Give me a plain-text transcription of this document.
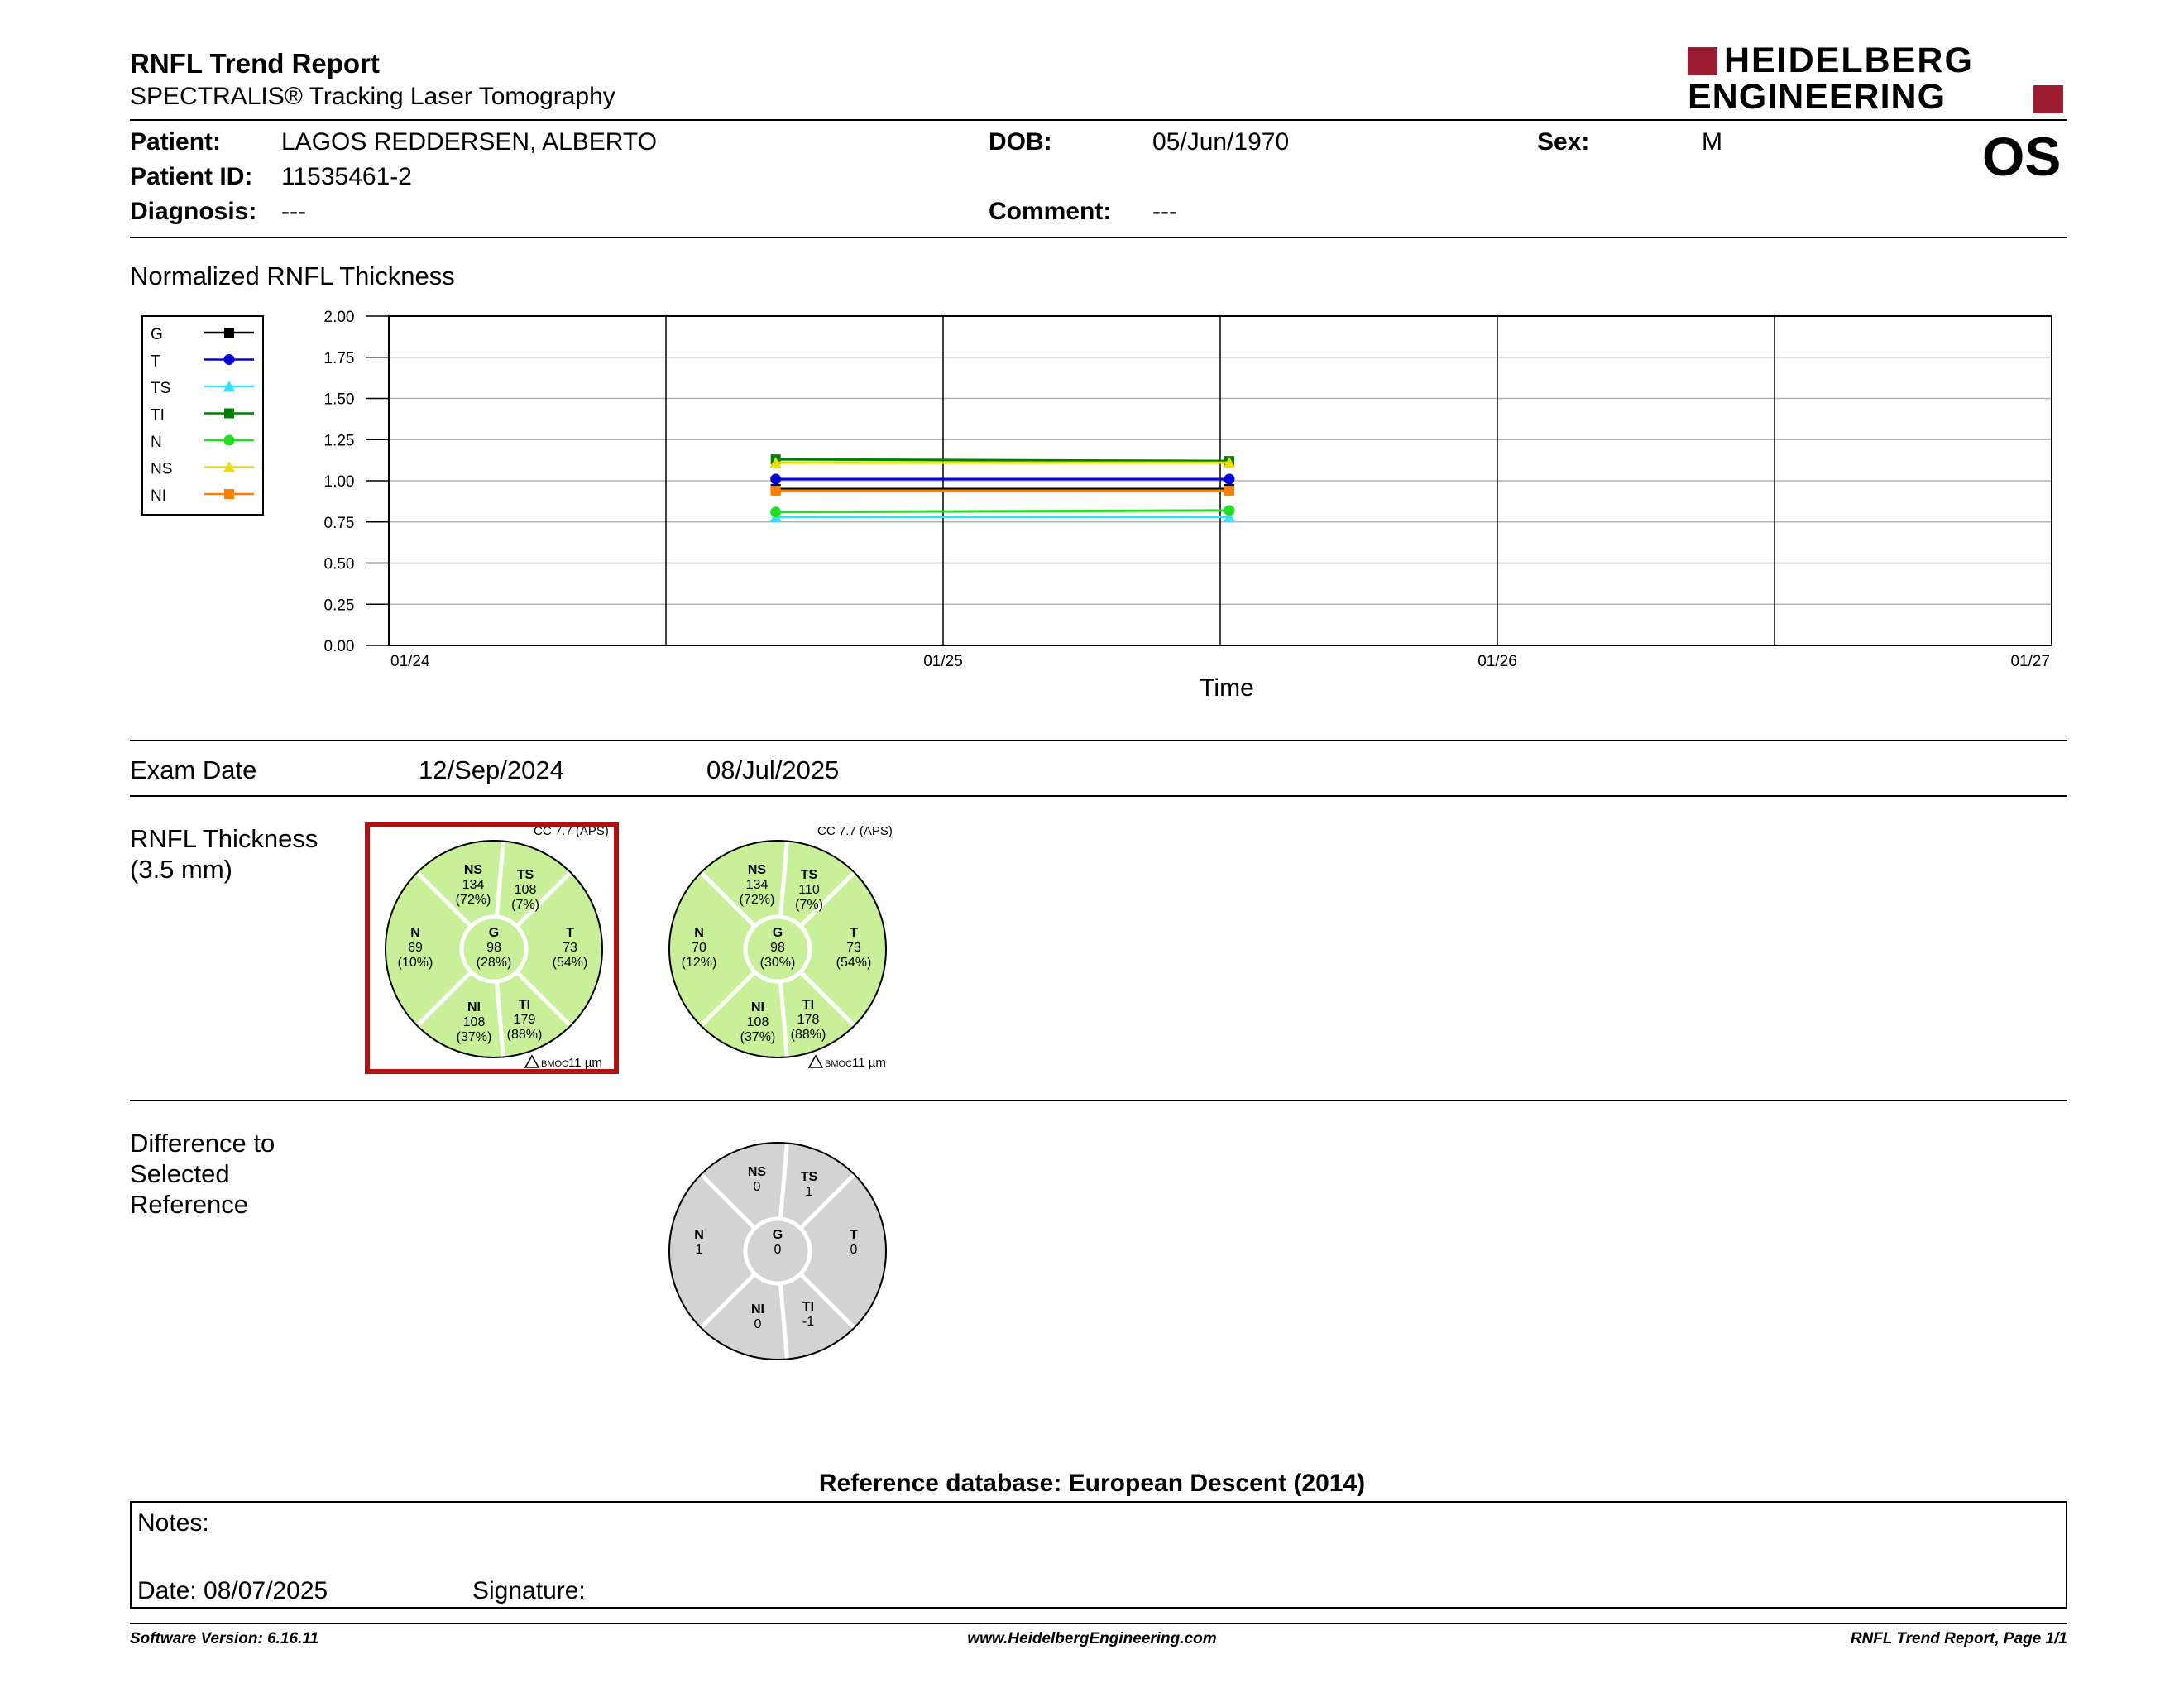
RNFL Trend Report
SPECTRALIS® Tracking Laser Tomography
HEIDELBERG
ENGINEERING
OS
Patient: LAGOS REDDERSEN, ALBERTO
Patient ID: 11535461-2
Diagnosis: ---
DOB:	05/Jun/1970
Comment: ---
Sex:	M
Normalized RNFL Thickness
G
T
TS
TI
N
NS
NI
0.00
0.25
0.50
0.75
1.00
1.25
1.50
1.75
2.00
01/24	01/25	01/26	01/27
Time
Exam Date	12/Sep/2024	08/Jul/2025
RNFL Thickness
(3.5 mm)	NS
134
(72%)
TS
108
(7%)
N
69
(10%)
G
98
(28%)
T
73
(54%)
NI
108
(37%)
TI
179
(88%)
CC 7.7 (APS)
BMOC 11 µm
NS
134
(72%)
TS
110
(7%)
N
70
(12%)
G
98
(30%)
T
73
(54%)
NI
108
(37%)
TI
178
(88%)
CC 7.7 (APS)
BMOC 11 µm
Difference to
Selected
Reference
NS
0
TS
1
N
1
G
0
T
0
NI
0
TI
-1
Reference database: European Descent (2014)
Notes:
Date: 08/07/2025	Signature:
Software Version: 6.16.11	www.HeidelbergEngineering.com	RNFL Trend Report, Page 1/1
